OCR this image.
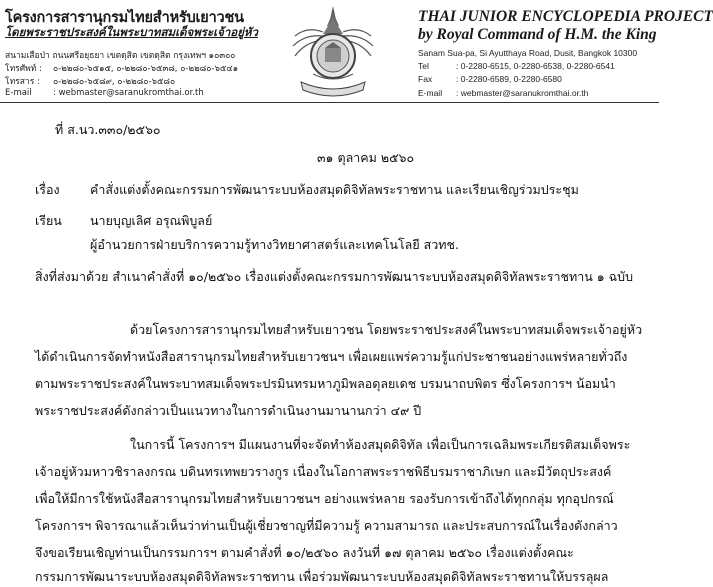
โครงการสารานุกรมไทยสำหรับเยาวชน
โดยพระราชประสงค์ในพระบาทสมเด็จพระเจ้าอยู่หัว
สนามเสือป่า ถนนศรีอยุธยา เขตดุสิต เขตดุสิต กรุงเทพฯ ๑๐๓๐๐
โทรศัพท์ : ๐-๒๒๘๐-๖๕๑๕, ๐-๒๒๘๐-๖๕๓๘, ๐-๒๒๘๐-๖๕๔๑
โทรสาร : ๐-๒๒๘๐-๖๕๘๙, ๐-๒๒๘๐-๖๕๘๐
E-mail	: webmaster@saranukromthai.or.th
THAI JUNIOR ENCYCLOPEDIA PROJECT
by Royal Command of H.M. the King
Sanam Sua-pa, Si Ayutthaya Road, Dusit, Bangkok 10300
Tel	: 0-2280-6515, 0-2280-6538, 0-2280-6541
Fax	: 0-2280-6589, 0-2280-6580
E-mail : webmaster@saranukromthai.or.th
ที่ ส.นว.๓๓๐/๒๕๖๐
๓๑ ตุลาคม ๒๕๖๐
เรื่อง คำสั่งแต่งตั้งคณะกรรมการพัฒนาระบบห้องสมุดดิจิทัลพระราชทาน และเรียนเชิญร่วมประชุม
เรียน นายบุญเลิศ อรุณพิบูลย์
ผู้อำนวยการฝ่ายบริการความรู้ทางวิทยาศาสตร์และเทคโนโลยี สวทช.
สิ่งที่ส่งมาด้วย สำเนาคำสั่งที่ ๑๐/๒๕๖๐ เรื่องแต่งตั้งคณะกรรมการพัฒนาระบบห้องสมุดดิจิทัลพระราชทาน ๑ ฉบับ
ด้วยโครงการสารานุกรมไทยสำหรับเยาวชน โดยพระราชประสงค์ในพระบาทสมเด็จพระเจ้าอยู่หัว
ได้ดำเนินการจัดทำหนังสือสารานุกรมไทยสำหรับเยาวชนฯ เพื่อเผยแพร่ความรู้แก่ประชาชนอย่างแพร่หลายทั่วถึง
ตามพระราชประสงค์ในพระบาทสมเด็จพระปรมินทรมหาภูมิพลอดุลยเดช บรมนาถบพิตร ซึ่งโครงการฯ น้อมนำ
พระราชประสงค์ดังกล่าวเป็นแนวทางในการดำเนินงานมานานกว่า ๔๙ ปี
ในการนี้ โครงการฯ มีแผนงานที่จะจัดทำห้องสมุดดิจิทัล เพื่อเป็นการเฉลิมพระเกียรติสมเด็จพระ
เจ้าอยู่หัวมหาวชิราลงกรณ บดินทรเทพยวรางกูร เนื่องในโอกาสพระราชพิธีบรมราชาภิเษก และมีวัตถุประสงค์
เพื่อให้มีการใช้หนังสือสารานุกรมไทยสำหรับเยาวชนฯ อย่างแพร่หลาย รองรับการเข้าถึงได้ทุกกลุ่ม ทุกอุปกรณ์
โครงการฯ พิจารณาแล้วเห็นว่าท่านเป็นผู้เชี่ยวชาญที่มีความรู้ ความสามารถ และประสบการณ์ในเรื่องดังกล่าว
จึงขอเรียนเชิญท่านเป็นกรรมการฯ ตามคำสั่งที่ ๑๐/๒๕๖๐ ลงวันที่ ๑๗ ตุลาคม ๒๕๖๐ เรื่องแต่งตั้งคณะ
กรรมการพัฒนาระบบห้องสมุดดิจิทัลพระราชทาน เพื่อร่วมพัฒนาระบบห้องสมุดดิจิทัลพระราชทานให้บรรลุผล
